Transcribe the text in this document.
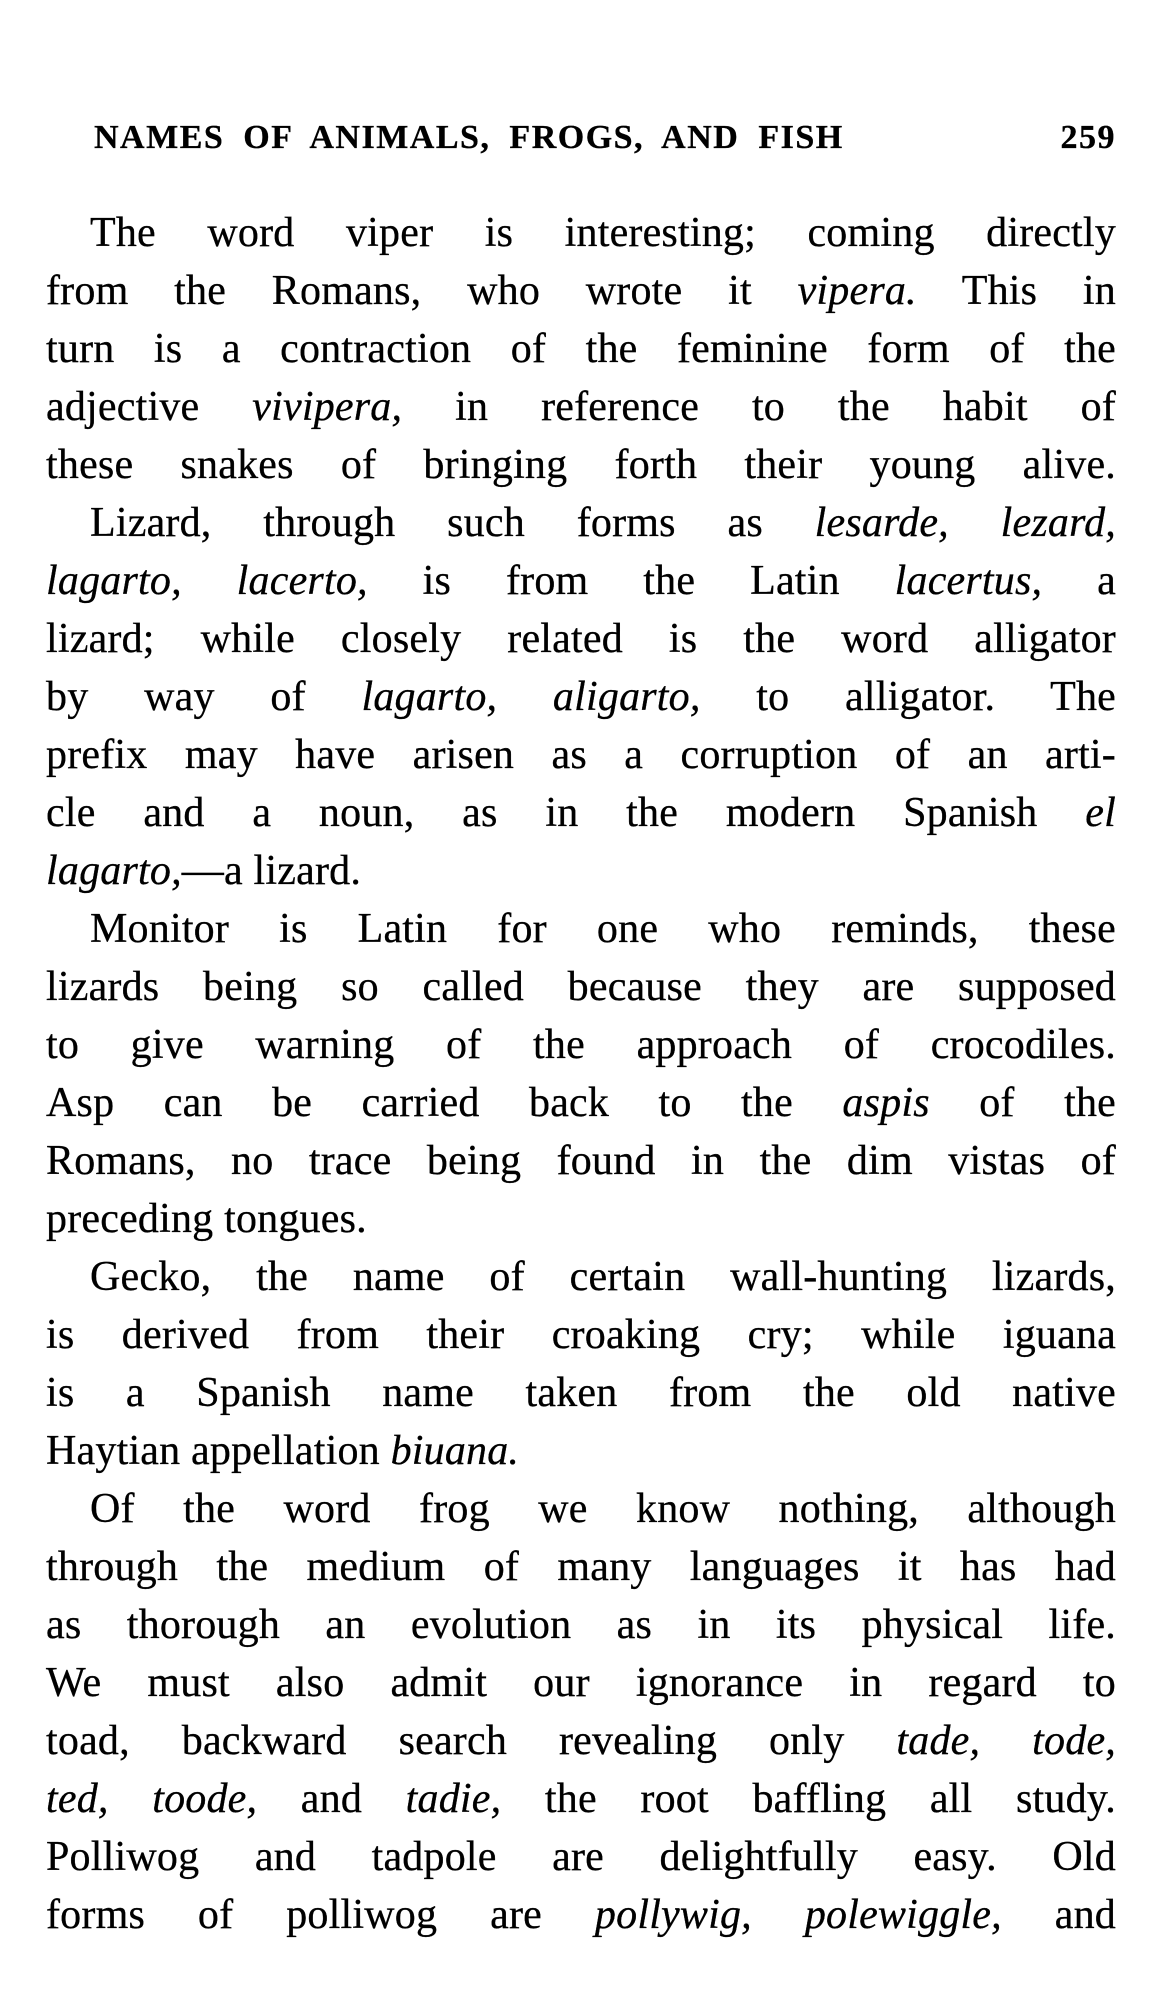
NAMES OF ANIMALS, FROGS, AND FISH	259
The word viper is interesting; coming directly
from the Romans, who wrote it vipera. This in
turn is a contraction of the feminine form of the
adjective vivipera, in reference to the habit of
these snakes of bringing forth their young alive.
Lizard, through such forms as lesarde, lezard,
lagarto, lacerto, is from the Latin lacertus, a
lizard; while closely related is the word alligator
by way of lagarto, aligarto, to alligator. The
prefix may have arisen as a corruption of an arti-
cle and a noun, as in the modern Spanish el
lagarto,—a lizard.
Monitor is Latin for one who reminds, these
lizards being so called because they are supposed
to give warning of the approach of crocodiles.
Asp can be carried back to the aspis of the
Romans, no trace being found in the dim vistas of
preceding tongues.
Gecko, the name of certain wall-hunting lizards,
is derived from their croaking cry; while iguana
is a Spanish name taken from the old native
Haytian appellation biuana.
Of the word frog we know nothing, although
through the medium of many languages it has had
as thorough an evolution as in its physical life.
We must also admit our ignorance in regard to
toad, backward search revealing only tade, tode,
ted, toode, and tadie, the root baffling all study.
Polliwog and tadpole are delightfully easy. Old
forms of polliwog are pollywig, polewiggle, and
